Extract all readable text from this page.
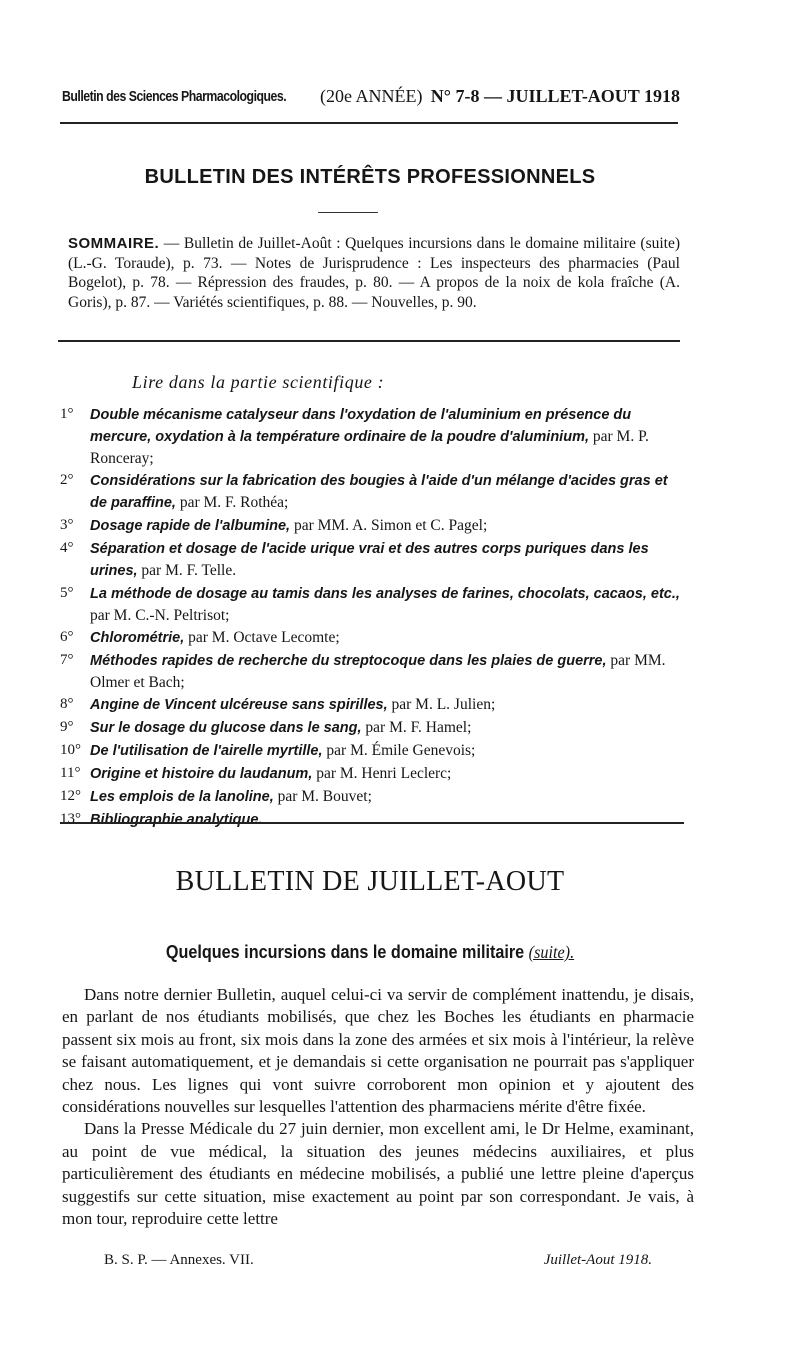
Bulletin des Sciences Pharmacologiques. (20e ANNÉE) N° 7-8 — JUILLET-AOUT 1918
BULLETIN DES INTÉRÊTS PROFESSIONNELS
SOMMAIRE. — Bulletin de Juillet-Août : Quelques incursions dans le domaine militaire (suite) (L.-G. Toraude), p. 73. — Notes de Jurisprudence : Les inspecteurs des pharmacies (Paul Bogelot), p. 78. — Répression des fraudes, p. 80. — A propos de la noix de kola fraîche (A. Goris), p. 87. — Variétés scientifiques, p. 88. — Nouvelles, p. 90.
Lire dans la partie scientifique :
1°	Double mécanisme catalyseur dans l'oxydation de l'aluminium en présence du mercure, oxydation à la température ordinaire de la poudre d'aluminium, par M. P. Ronceray;
2°	Considérations sur la fabrication des bougies à l'aide d'un mélange d'acides gras et de paraffine, par M. F. Rothéa;
3°	Dosage rapide de l'albumine, par MM. A. Simon et C. Pagel;
4°	Séparation et dosage de l'acide urique vrai et des autres corps puriques dans les urines, par M. F. Telle.
5°	La méthode de dosage au tamis dans les analyses de farines, chocolats, cacaos, etc., par M. C.-N. Peltrisot;
6°	Chlorométrie, par M. Octave Lecomte;
7°	Méthodes rapides de recherche du streptocoque dans les plaies de guerre, par MM. Olmer et Bach;
8°	Angine de Vincent ulcéreuse sans spirilles, par M. L. Julien;
9°	Sur le dosage du glucose dans le sang, par M. F. Hamel;
10° De l'utilisation de l'airelle myrtille, par M. Émile Genevois;
11° Origine et histoire du laudanum, par M. Henri Leclerc;
12° Les emplois de la lanoline, par M. Bouvet;
13° Bibliographie analytique.
BULLETIN DE JUILLET-AOUT
Quelques incursions dans le domaine militaire (suite).

Dans notre dernier Bulletin, auquel celui-ci va servir de complément inattendu, je disais, en parlant de nos étudiants mobilisés, que chez les Boches les étudiants en pharmacie passent six mois au front, six mois dans la zone des armées et six mois à l'intérieur, la relève se faisant automatiquement, et je demandais si cette organisation ne pourrait pas s'appliquer chez nous. Les lignes qui vont suivre corroborent mon opinion et y ajoutent des considérations nouvelles sur lesquelles l'attention des pharmaciens mérite d'être fixée.

Dans la Presse Médicale du 27 juin dernier, mon excellent ami, le Dr Helme, examinant, au point de vue médical, la situation des jeunes médecins auxiliaires, et plus particulièrement des étudiants en médecine mobilisés, a publié une lettre pleine d'aperçus suggestifs sur cette situation, mise exactement au point par son correspondant. Je vais, à mon tour, reproduire cette lettre

B. S. P. — Annexes. VII.	Juillet-Aout 1918.
